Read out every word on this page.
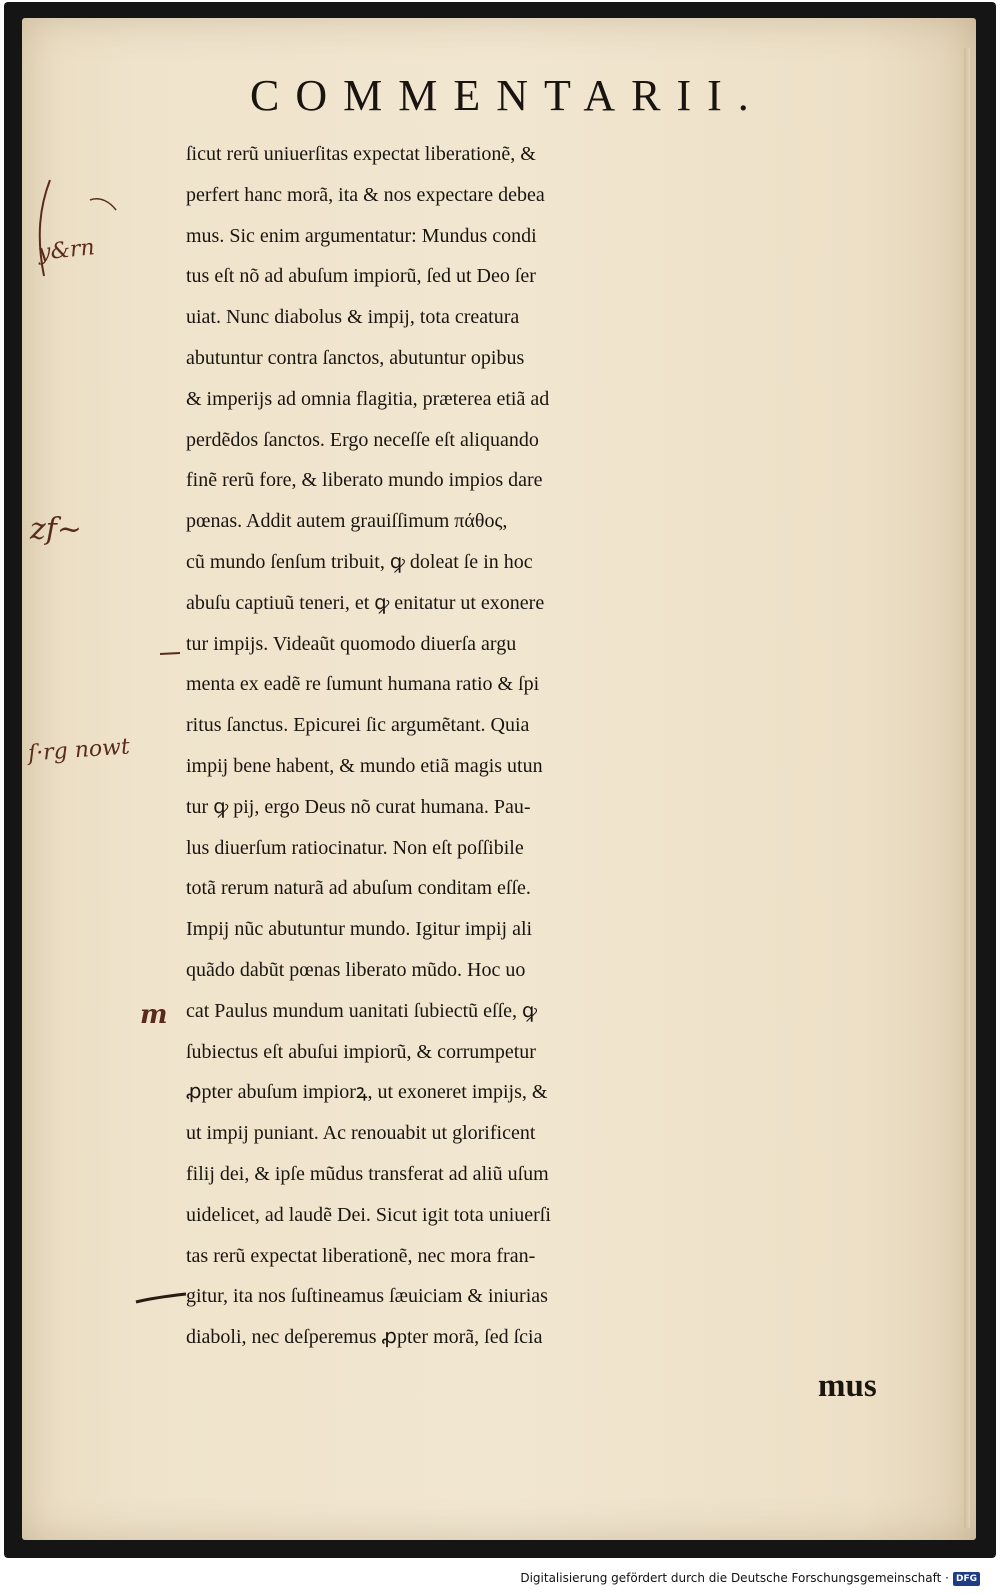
COMMENTARII.
ſicut rerũ uniuerſitas expectat liberationẽ, &
perfert hanc morã, ita & nos expectare debea
mus. Sic enim argumentatur: Mundus condi
tus eſt nõ ad abuſum impiorũ, ſed ut Deo ſer
uiat. Nunc diabolus & impij, tota creatura
abutuntur contra ſanctos, abutuntur opibus
& imperijs ad omnia flagitia, præterea etiã ad
perdẽdos ſanctos. Ergo neceſſe eſt aliquando
finẽ rerũ fore, & liberato mundo impios dare
pœnas. Addit autem grauiſſimum πάθος,
cũ mundo ſenſum tribuit, ꝙ doleat ſe in hoc
abuſu captiuũ teneri, et ꝙ enitatur ut exonere
tur impijs. Videaũt quomodo diuerſa argu
menta ex eadẽ re ſumunt humana ratio & ſpi
ritus ſanctus. Epicurei ſic argumẽtant. Quia
impij bene habent, & mundo etiã magis utun
tur ꝙ pij, ergo Deus nõ curat humana. Pau-
lus diuerſum ratiocinatur. Non eſt poſſibile
totã rerum naturã ad abuſum conditam eſſe.
Impij nũc abutuntur mundo. Igitur impij ali
quãdo dabũt pœnas liberato mũdo. Hoc uo
cat Paulus mundum uanitati ſubiectũ eſſe, ꝙ
ſubiectus eſt abuſui impiorũ, & corrumpetur
ꝓpter abuſum impiorꝝ, ut exoneret impijs, &
ut impij puniant. Ac renouabit ut glorificent
filij dei, & ipſe mũdus transferat ad aliũ uſum
uidelicet, ad laudẽ Dei. Sicut igit tota uniuerſi
tas rerũ expectat liberationẽ, nec mora fran-
gitur, ita nos ſuſtineamus ſæuiciam & iniurias
diaboli, nec deſperemus ꝓpter morã, ſed ſcia
mus
y&rn
zf~
ſ·rg nowt
m
Digitalisierung gefördert durch die Deutsche Forschungsgemeinschaft · DFG
